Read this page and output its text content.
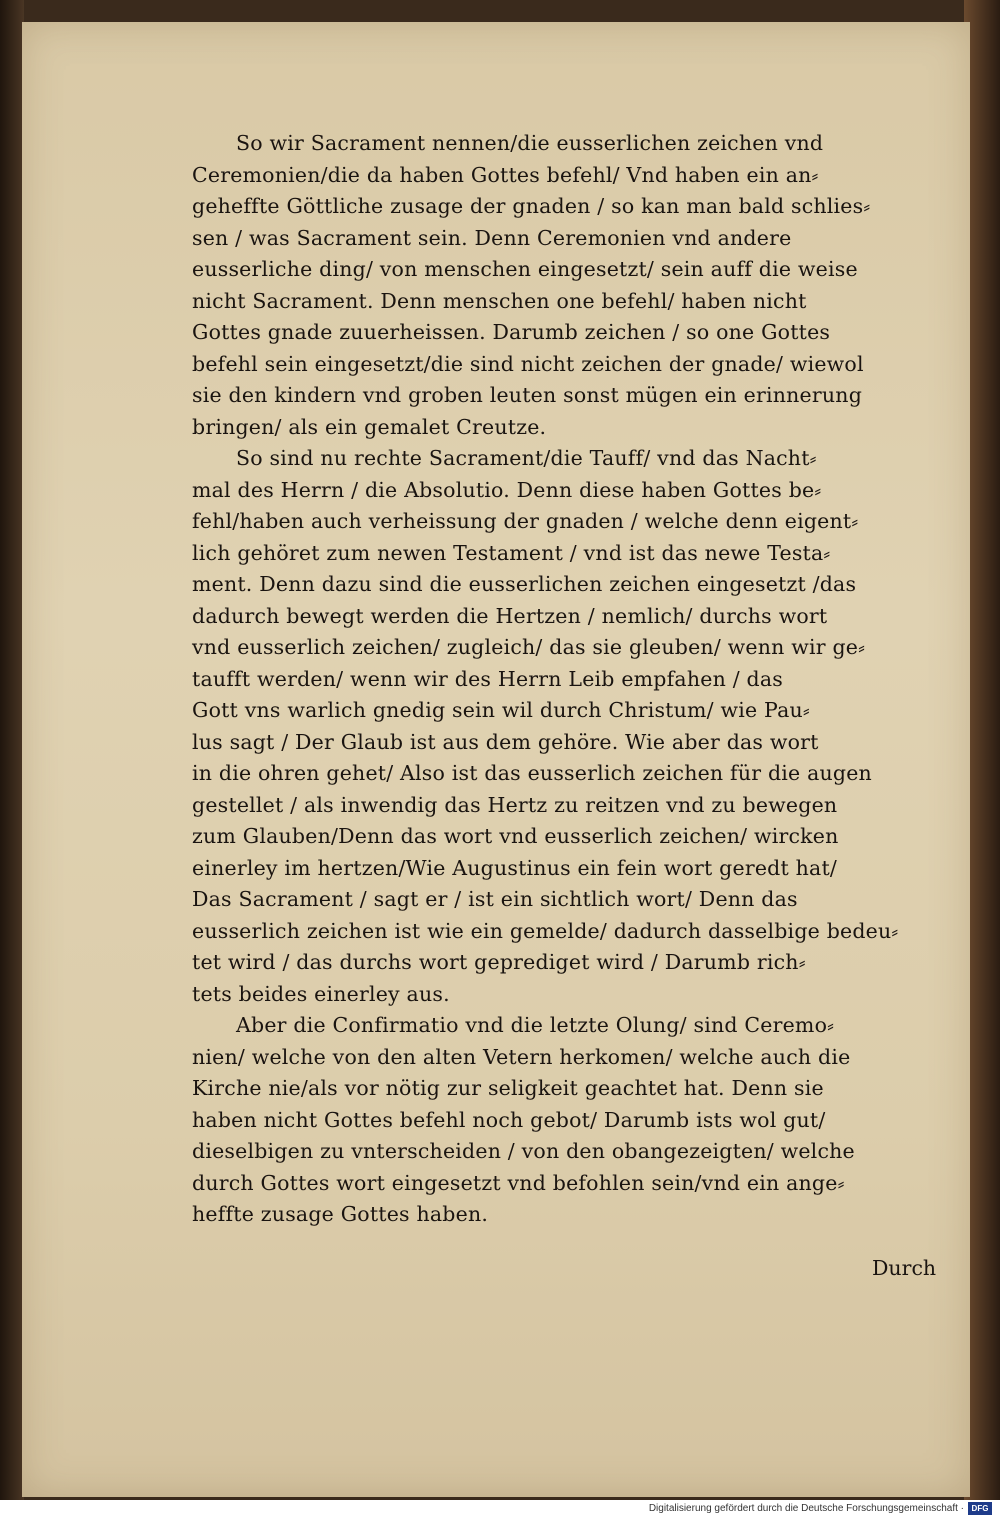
So wir Sacrament nennen/die eusserlichen zeichen vnd
Ceremonien/die da haben Gottes befehl/ Vnd haben ein an⸗
geheffte Göttliche zusage der gnaden / so kan man bald schlies⸗
sen / was Sacrament sein. Denn Ceremonien vnd andere
eusserliche ding/ von menschen eingesetzt/ sein auff die weise
nicht Sacrament. Denn menschen one befehl/ haben nicht
Gottes gnade zuuerheissen. Darumb zeichen / so one Gottes
befehl sein eingesetzt/die sind nicht zeichen der gnade/ wiewol
sie den kindern vnd groben leuten sonst mügen ein erinnerung
bringen/ als ein gemalet Creutze.
So sind nu rechte Sacrament/die Tauff/ vnd das Nacht⸗
mal des Herrn / die Absolutio. Denn diese haben Gottes be⸗
fehl/haben auch verheissung der gnaden / welche denn eigent⸗
lich gehöret zum newen Testament / vnd ist das newe Testa⸗
ment. Denn dazu sind die eusserlichen zeichen eingesetzt /das
dadurch bewegt werden die Hertzen / nemlich/ durchs wort
vnd eusserlich zeichen/ zugleich/ das sie gleuben/ wenn wir ge⸗
taufft werden/ wenn wir des Herrn Leib empfahen / das
Gott vns warlich gnedig sein wil durch Christum/ wie Pau⸗
lus sagt / Der Glaub ist aus dem gehöre. Wie aber das wort
in die ohren gehet/ Also ist das eusserlich zeichen für die augen
gestellet / als inwendig das Hertz zu reitzen vnd zu bewegen
zum Glauben/Denn das wort vnd eusserlich zeichen/ wircken
einerley im hertzen/Wie Augustinus ein fein wort geredt hat/
Das Sacrament / sagt er / ist ein sichtlich wort/ Denn das
eusserlich zeichen ist wie ein gemelde/ dadurch dasselbige bedeu⸗
tet wird / das durchs wort geprediget wird / Darumb rich⸗
tets beides einerley aus.
Aber die Confirmatio vnd die letzte Olung/ sind Ceremo⸗
nien/ welche von den alten Vetern herkomen/ welche auch die
Kirche nie/als vor nötig zur seligkeit geachtet hat. Denn sie
haben nicht Gottes befehl noch gebot/ Darumb ists wol gut/
dieselbigen zu vnterscheiden / von den obangezeigten/ welche
durch Gottes wort eingesetzt vnd befohlen sein/vnd ein ange⸗
heffte zusage Gottes haben.
Durch
Digitalisierung gefördert durch die Deutsche Forschungsgemeinschaft · DFG
